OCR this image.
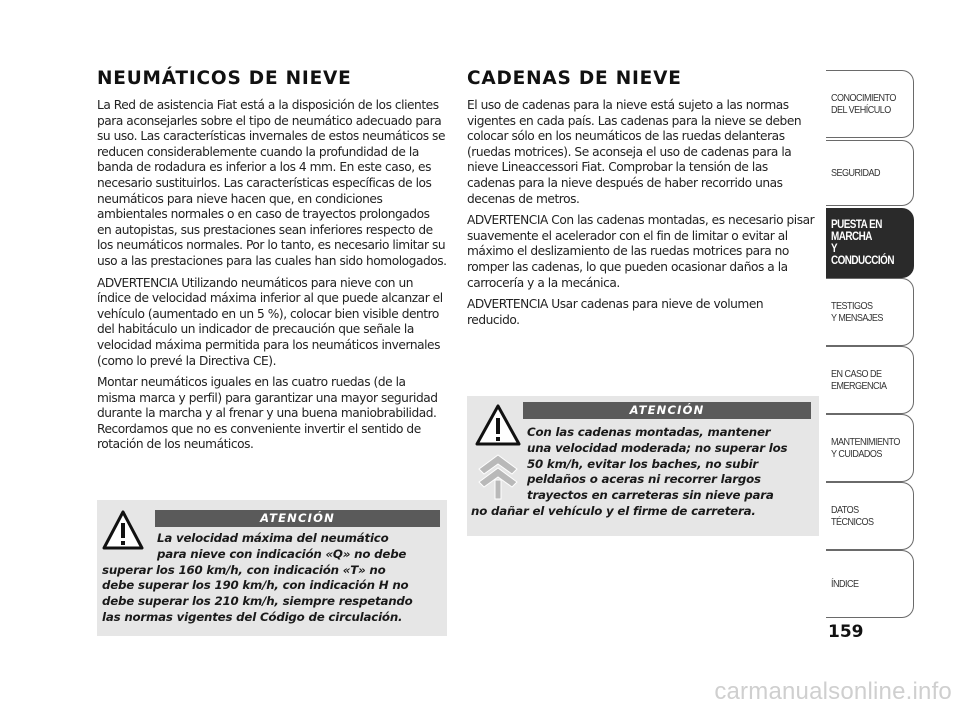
NEUMÁTICOS DE NIEVE

La Red de asistencia Fiat está a la disposición de los clientes para aconsejarles sobre el tipo de neumático adecuado para su uso. Las características invernales de estos neumáticos se reducen considerablemente cuando la profundidad de la banda de rodadura es inferior a los 4 mm. En este caso, es necesario sustituirlos. Las características específicas de los neumáticos para nieve hacen que, en condiciones ambientales normales o en caso de trayectos prolongados en autopistas, sus prestaciones sean inferiores respecto de los neumáticos normales. Por lo tanto, es necesario limitar su uso a las prestaciones para las cuales han sido homologados.

ADVERTENCIA Utilizando neumáticos para nieve con un índice de velocidad máxima inferior al que puede alcanzar el vehículo (aumentado en un 5 %), colocar bien visible dentro del habitáculo un indicador de precaución que señale la velocidad máxima permitida para los neumáticos invernales (como lo prevé la Directiva CE).

Montar neumáticos iguales en las cuatro ruedas (de la misma marca y perfil) para garantizar una mayor seguridad durante la marcha y al frenar y una buena maniobrabilidad. Recordamos que no es conveniente invertir el sentido de rotación de los neumáticos.

ATENCIÓN
La velocidad máxima del neumático
para nieve con indicación «Q» no debe
superar los 160 km/h, con indicación «T» no
debe superar los 190 km/h, con indicación H no
debe superar los 210 km/h, siempre respetando
las normas vigentes del Código de circulación.
CADENAS DE NIEVE

El uso de cadenas para la nieve está sujeto a las normas vigentes en cada país. Las cadenas para la nieve se deben colocar sólo en los neumáticos de las ruedas delanteras (ruedas motrices). Se aconseja el uso de cadenas para la nieve Lineaccessori Fiat. Comprobar la tensión de las cadenas para la nieve después de haber recorrido unas decenas de metros.

ADVERTENCIA Con las cadenas montadas, es necesario pisar suavemente el acelerador con el fin de limitar o evitar al máximo el deslizamiento de las ruedas motrices para no romper las cadenas, lo que pueden ocasionar daños a la carrocería y a la mecánica.

ADVERTENCIA Usar cadenas para nieve de volumen reducido.

ATENCIÓN
Con las cadenas montadas, mantener
una velocidad moderada; no superar los
50 km/h, evitar los baches, no subir
peldaños o aceras ni recorrer largos
trayectos en carreteras sin nieve para
no dañar el vehículo y el firme de carretera.
CONOCIMIENTO
DEL VEHÍCULO
SEGURIDAD
PUESTA EN
MARCHA
Y CONDUCCIÓN
TESTIGOS
Y MENSAJES
EN CASO DE
EMERGENCIA
MANTENIMIENTO
Y CUIDADOS
DATOS
TÉCNICOS
ÍNDICE
159
carmanualsonline.info
